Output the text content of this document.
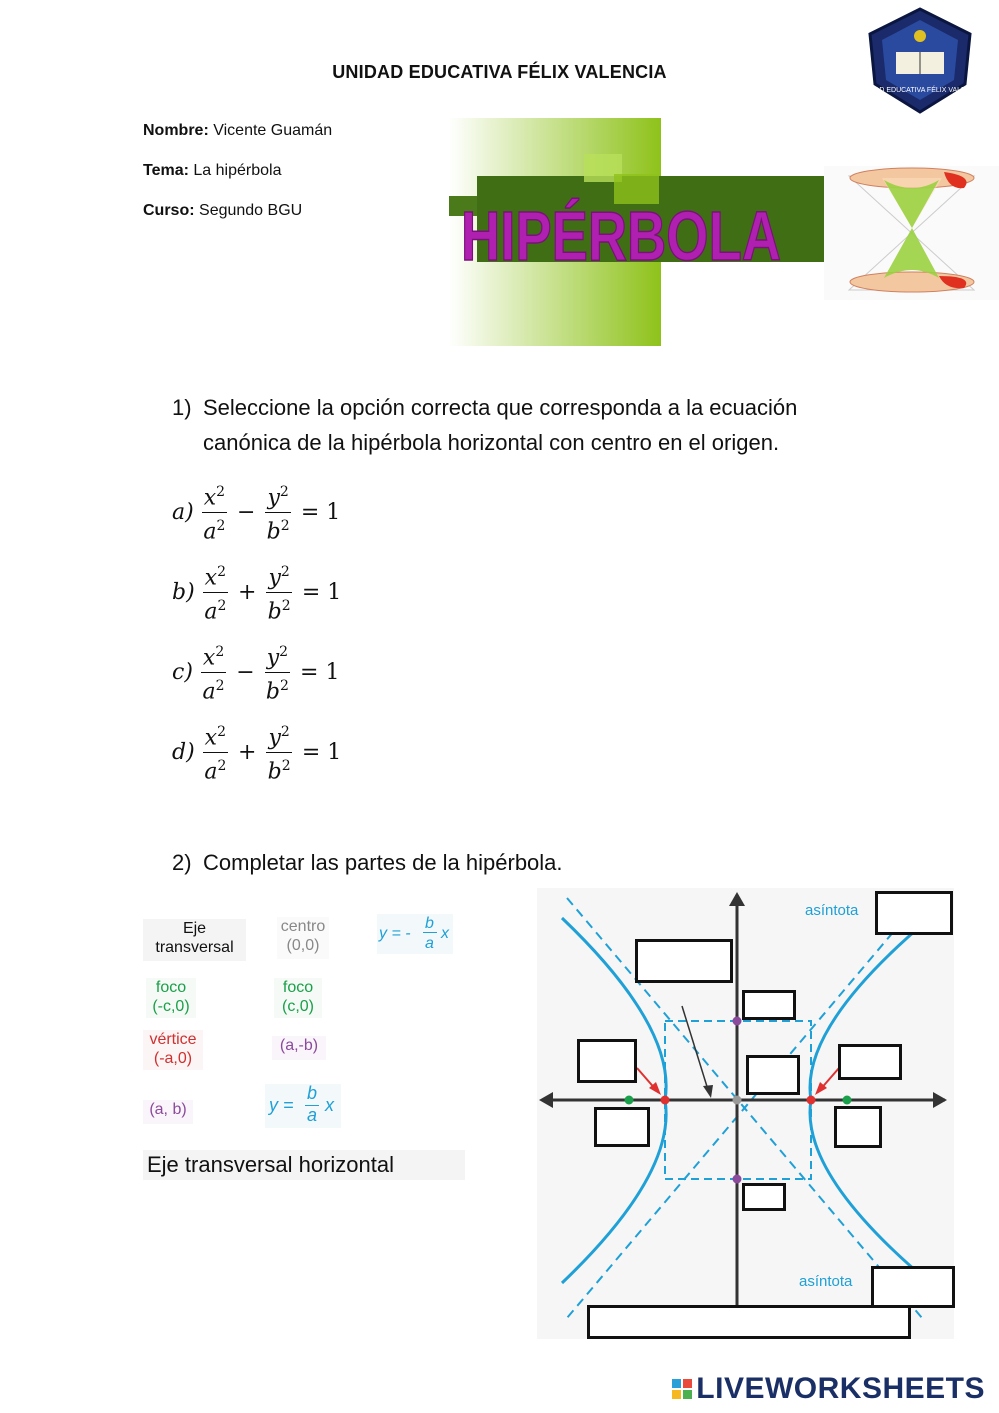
UNIDAD EDUCATIVA FÉLIX VALENCIA
UNIDAD EDUCATIVA FÉLIX VALENCIA
Nombre: Vicente Guamán
Tema: La hipérbola
Curso: Segundo BGU HIPÉRBOLA
1) Seleccione la opción correcta que corresponda a la ecuación canónica de la hipérbola horizontal con centro en el origen.
$a) \frac{x^2}{a^2} - \frac{y^2}{b^2} = 1$
$b) \frac{x^2}{a^2} + \frac{y^2}{b^2} = 1$
$c) \frac{x^2}{a^2} - \frac{y^2}{b^2} = 1$
$d) \frac{x^2}{a^2} + \frac{y^2}{b^2} = 1$
2) Completar las partes de la hipérbola.
Eje
transversal
centro
(0,0)
y = -
b
a
x
foco
(-c,0)
foco
(c,0)
vértice
(-a,0)
(a,-b)
(a, b)	y =
b
a x
Eje transversal horizontal
asíntota
asíntota
LIVEWORKSHEETS
